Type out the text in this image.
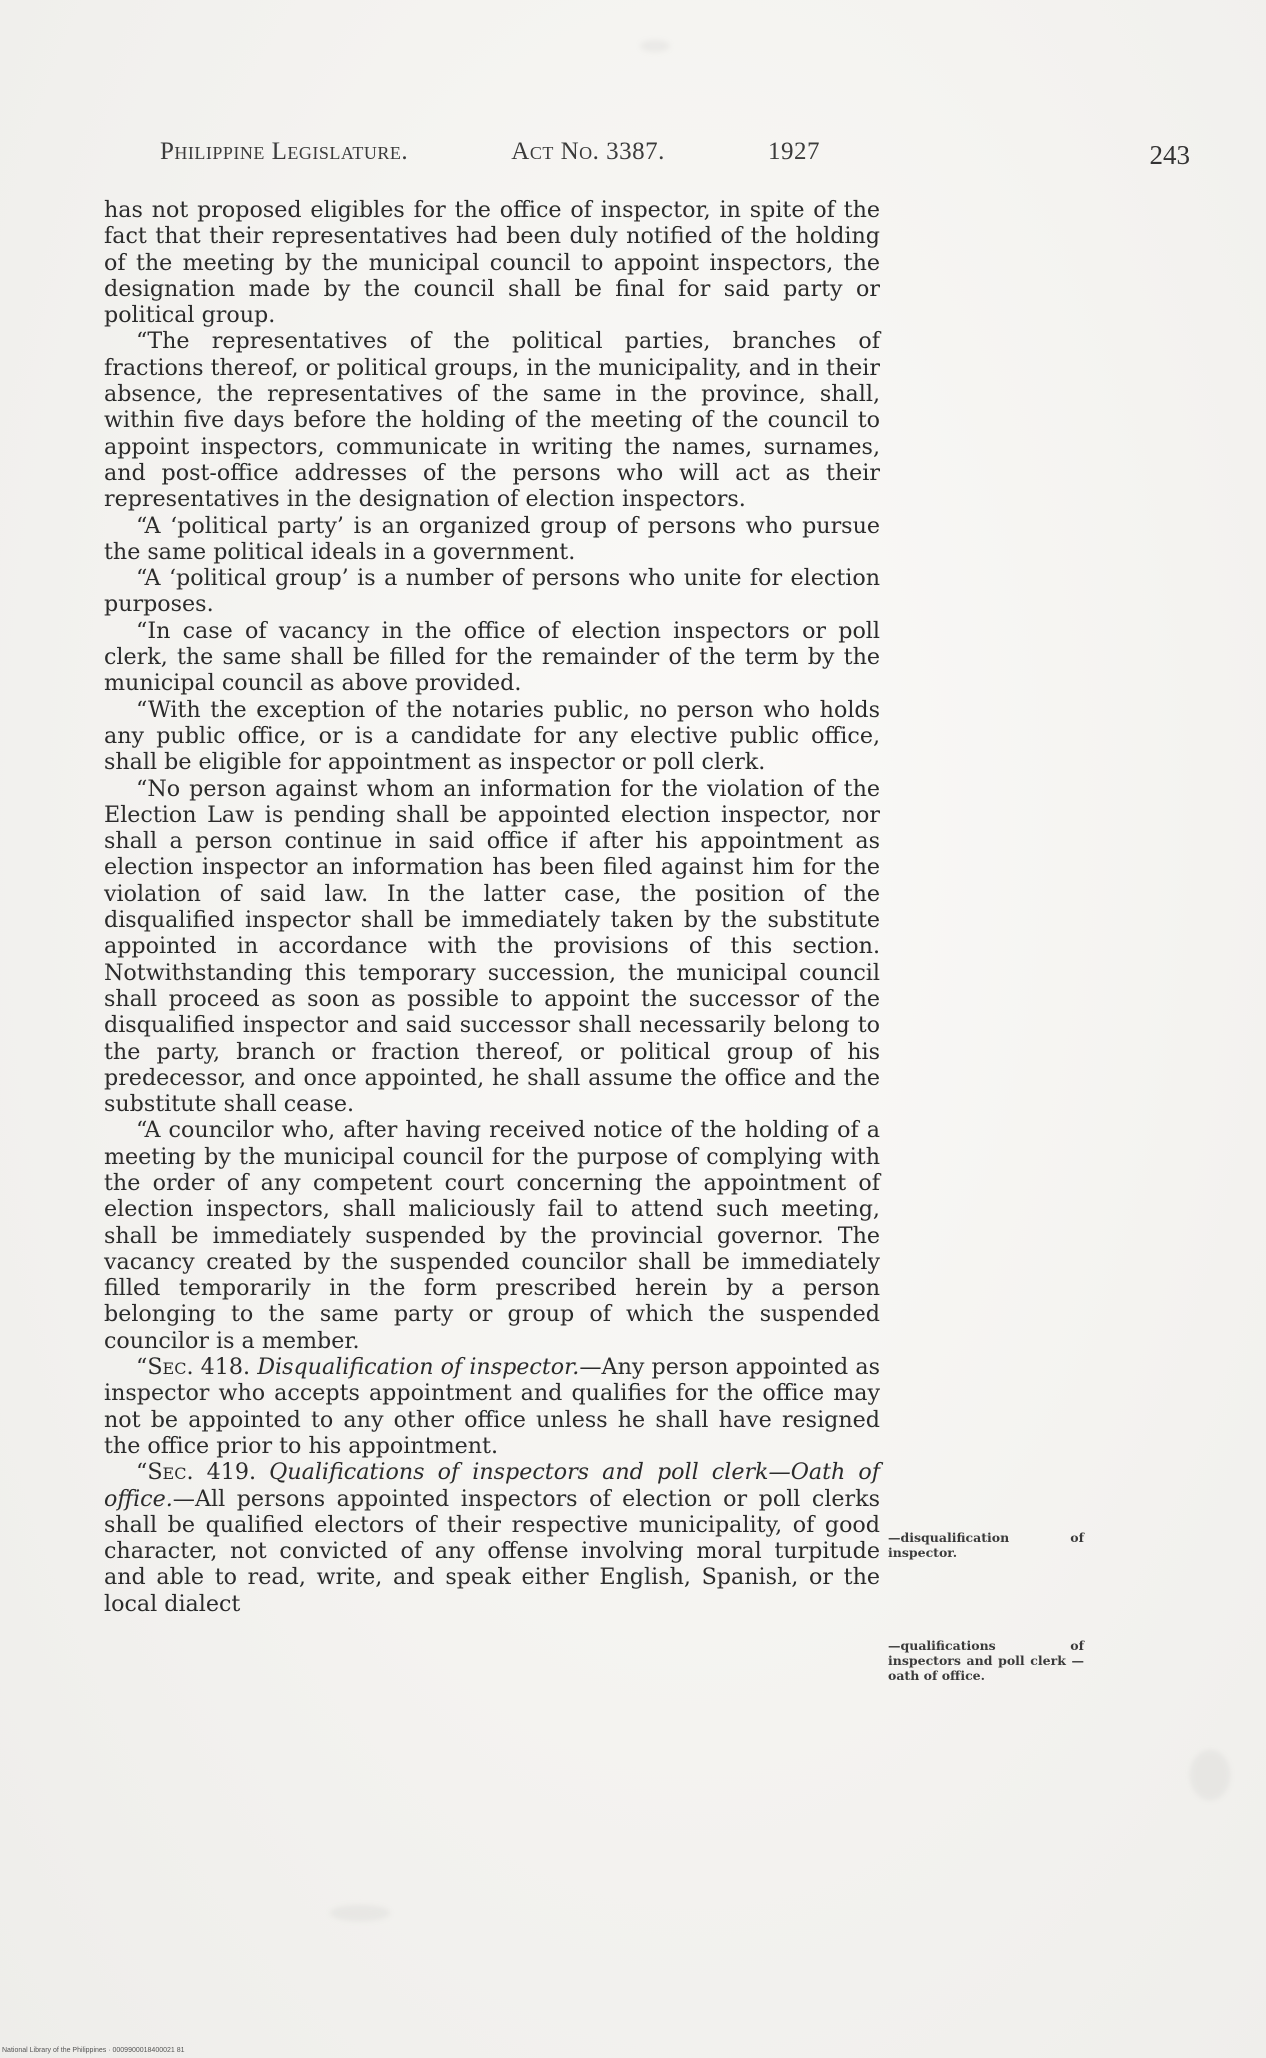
Philippine Legislature.	Act No. 3387.	1927	243

has not proposed eligibles for the office of inspector, in spite of the fact that their representatives had been duly notified of the holding of the meeting by the municipal council to appoint inspectors, the designation made by the council shall be final for said party or political group.

“The representatives of the political parties, branches of fractions thereof, or political groups, in the municipality, and in their absence, the representatives of the same in the province, shall, within five days before the holding of the meeting of the council to appoint inspectors, communicate in writing the names, surnames, and post-office addresses of the persons who will act as their representatives in the designation of election inspectors.

“A ‘political party’ is an organized group of persons who pursue the same political ideals in a government.

“A ‘political group’ is a number of persons who unite for election purposes.

“In case of vacancy in the office of election inspectors or poll clerk, the same shall be filled for the remainder of the term by the municipal council as above provided.

“With the exception of the notaries public, no person who holds any public office, or is a candidate for any elective public office, shall be eligible for appointment as inspector or poll clerk.

“No person against whom an information for the violation of the Election Law is pending shall be appointed election inspector, nor shall a person continue in said office if after his appointment as election inspector an information has been filed against him for the violation of said law. In the latter case, the position of the disqualified inspector shall be immediately taken by the substitute appointed in accordance with the provisions of this section. Notwithstanding this temporary succession, the municipal council shall proceed as soon as possible to appoint the successor of the disqualified inspector and said successor shall necessarily belong to the party, branch or fraction thereof, or political group of his predecessor, and once appointed, he shall assume the office and the substitute shall cease.

“A councilor who, after having received notice of the holding of a meeting by the municipal council for the purpose of complying with the order of any competent court concerning the appointment of election inspectors, shall maliciously fail to attend such meeting, shall be immediately suspended by the provincial governor. The vacancy created by the suspended councilor shall be immediately filled temporarily in the form prescribed herein by a person belonging to the same party or group of which the suspended councilor is a member.

“Sec. 418. Disqualification of inspector.—Any person appointed as inspector who accepts appointment and qualifies for the office may not be appointed to any other office unless he shall have resigned the office prior to his appointment.

“Sec. 419. Qualifications of inspectors and poll clerk—Oath of office.—All persons appointed inspectors of election or poll clerks shall be qualified electors of their respective municipality, of good character, not convicted of any offense involving moral turpitude and able to read, write, and speak either English, Spanish, or the local dialect

—disqualification of inspector.
—qualifications of inspectors and poll clerk —oath of office.
National Library of the Philippines · 0009900018400021 81
